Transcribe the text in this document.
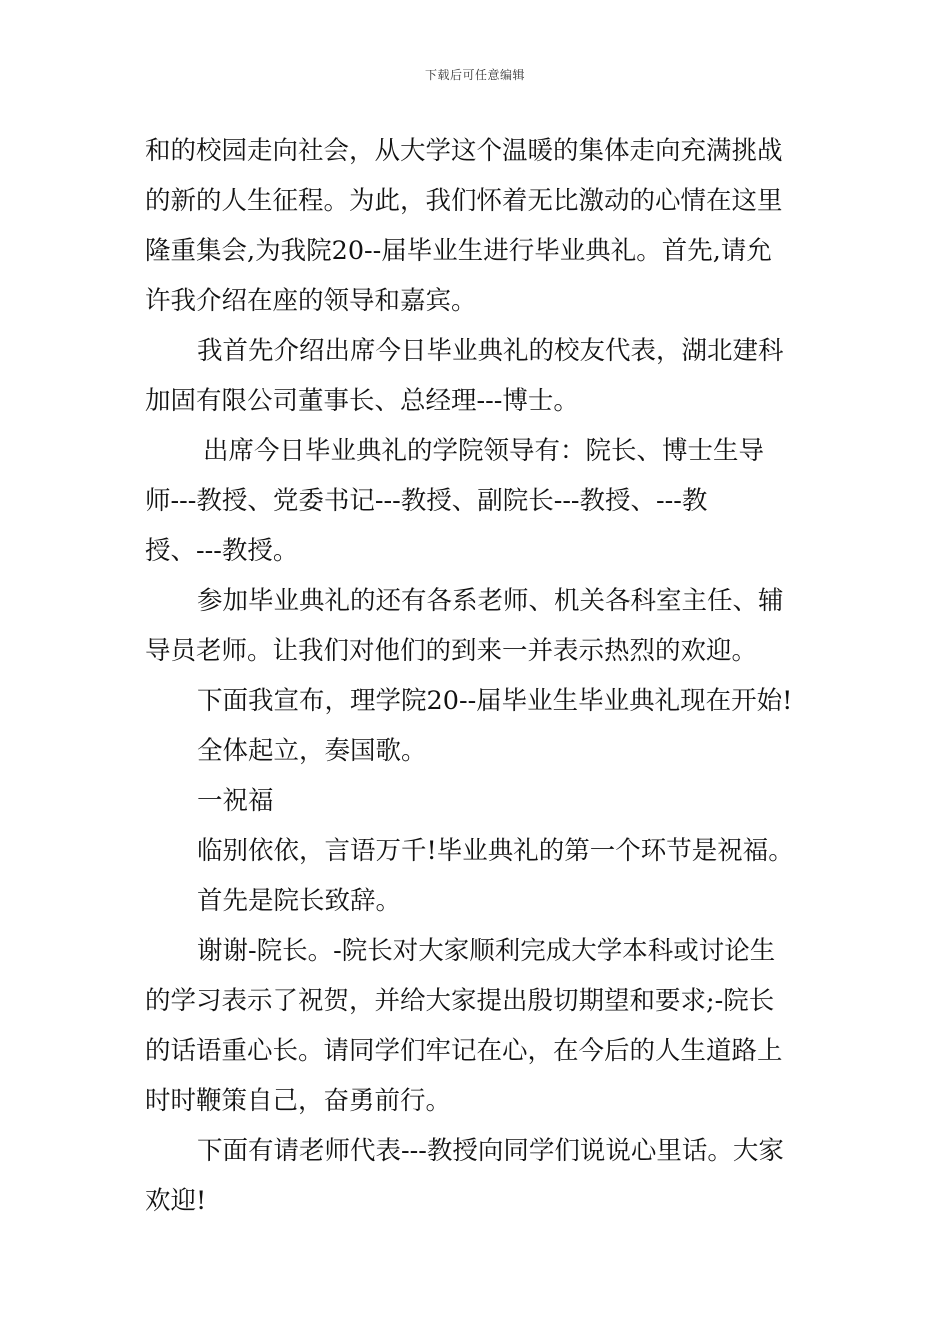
下载后可任意编辑

和的校园走向社会，从大学这个温暖的集体走向充满挑战
的新的人生征程。为此，我们怀着无比激动的心情在这里
隆重集会,为我院20--届毕业生进行毕业典礼。首先,请允
许我介绍在座的领导和嘉宾。

我首先介绍出席今日毕业典礼的校友代表，湖北建科
加固有限公司董事长、总经理---博士。

出席今日毕业典礼的学院领导有：院长、博士生导
师---教授、党委书记---教授、副院长---教授、---教
授、---教授。

参加毕业典礼的还有各系老师、机关各科室主任、辅
导员老师。让我们对他们的到来一并表示热烈的欢迎。

下面我宣布，理学院20--届毕业生毕业典礼现在开始!

全体起立，奏国歌。

一祝福

临别依依，言语万千!毕业典礼的第一个环节是祝福。

首先是院长致辞。

谢谢-院长。-院长对大家顺利完成大学本科或讨论生
的学习表示了祝贺，并给大家提出殷切期望和要求;-院长
的话语重心长。请同学们牢记在心，在今后的人生道路上
时时鞭策自己，奋勇前行。

下面有请老师代表---教授向同学们说说心里话。大家
欢迎!
